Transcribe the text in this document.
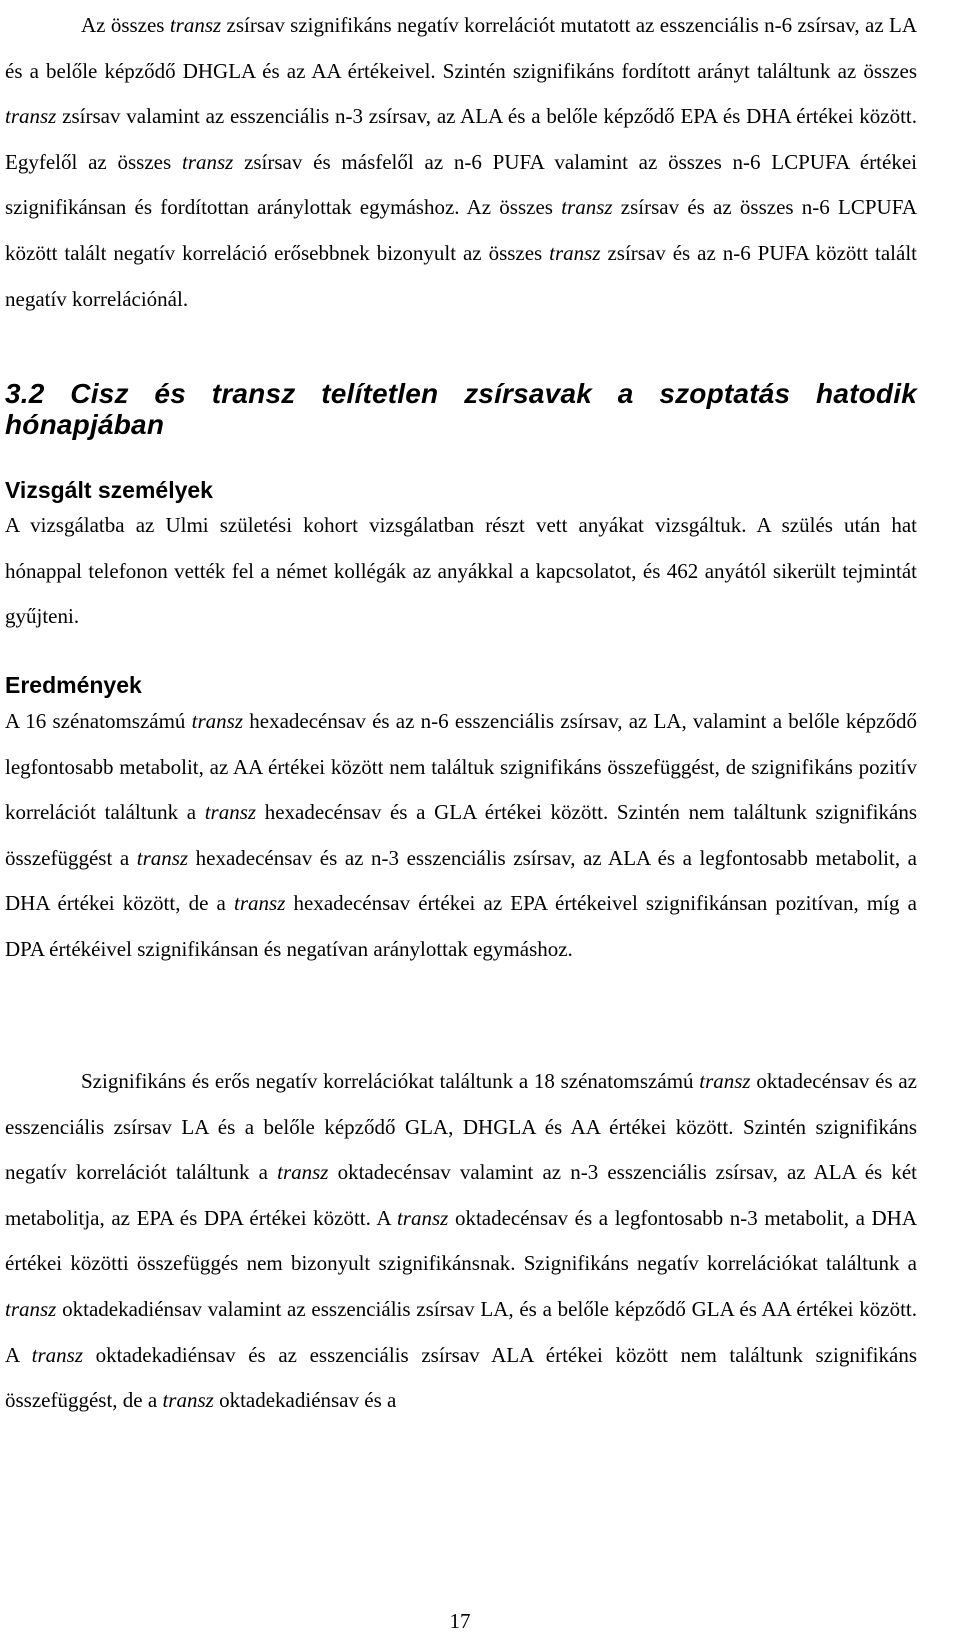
Az összes transz zsírsav szignifikáns negatív korrelációt mutatott az esszenciális n-6 zsírsav, az LA és a belőle képződő DHGLA és az AA értékeivel. Szintén szignifikáns fordított arányt találtunk az összes transz zsírsav valamint az esszenciális n-3 zsírsav, az ALA és a belőle képződő EPA és DHA értékei között. Egyfelől az összes transz zsírsav és másfelől az n-6 PUFA valamint az összes n-6 LCPUFA értékei szignifikánsan és fordítottan aránylottak egymáshoz. Az összes transz zsírsav és az összes n-6 LCPUFA között talált negatív korreláció erősebbnek bizonyult az összes transz zsírsav és az n-6 PUFA között talált negatív korrelációnál.

3.2 Cisz és transz telítetlen zsírsavak a szoptatás hatodik hónapjában
Vizsgált személyek

A vizsgálatba az Ulmi születési kohort vizsgálatban részt vett anyákat vizsgáltuk. A szülés után hat hónappal telefonon vették fel a német kollégák az anyákkal a kapcsolatot, és 462 anyától sikerült tejmintát gyűjteni.

Eredmények

A 16 szénatomszámú transz hexadecénsav és az n-6 esszenciális zsírsav, az LA, valamint a belőle képződő legfontosabb metabolit, az AA értékei között nem találtuk szignifikáns összefüggést, de szignifikáns pozitív korrelációt találtunk a transz hexadecénsav és a GLA értékei között. Szintén nem találtunk szignifikáns összefüggést a transz hexadecénsav és az n-3 esszenciális zsírsav, az ALA és a legfontosabb metabolit, a DHA értékei között, de a transz hexadecénsav értékei az EPA értékeivel szignifikánsan pozitívan, míg a DPA értékéivel szignifikánsan és negatívan aránylottak egymáshoz.

Szignifikáns és erős negatív korrelációkat találtunk a 18 szénatomszámú transz oktadecénsav és az esszenciális zsírsav LA és a belőle képződő GLA, DHGLA és AA értékei között. Szintén szignifikáns negatív korrelációt találtunk a transz oktadecénsav valamint az n-3 esszenciális zsírsav, az ALA és két metabolitja, az EPA és DPA értékei között. A transz oktadecénsav és a legfontosabb n-3 metabolit, a DHA értékei közötti összefüggés nem bizonyult szignifikánsnak. Szignifikáns negatív korrelációkat találtunk a transz oktadekadiénsav valamint az esszenciális zsírsav LA, és a belőle képződő GLA és AA értékei között. A transz oktadekadiénsav és az esszenciális zsírsav ALA értékei között nem találtunk szignifikáns összefüggést, de a transz oktadekadiénsav és a

17
